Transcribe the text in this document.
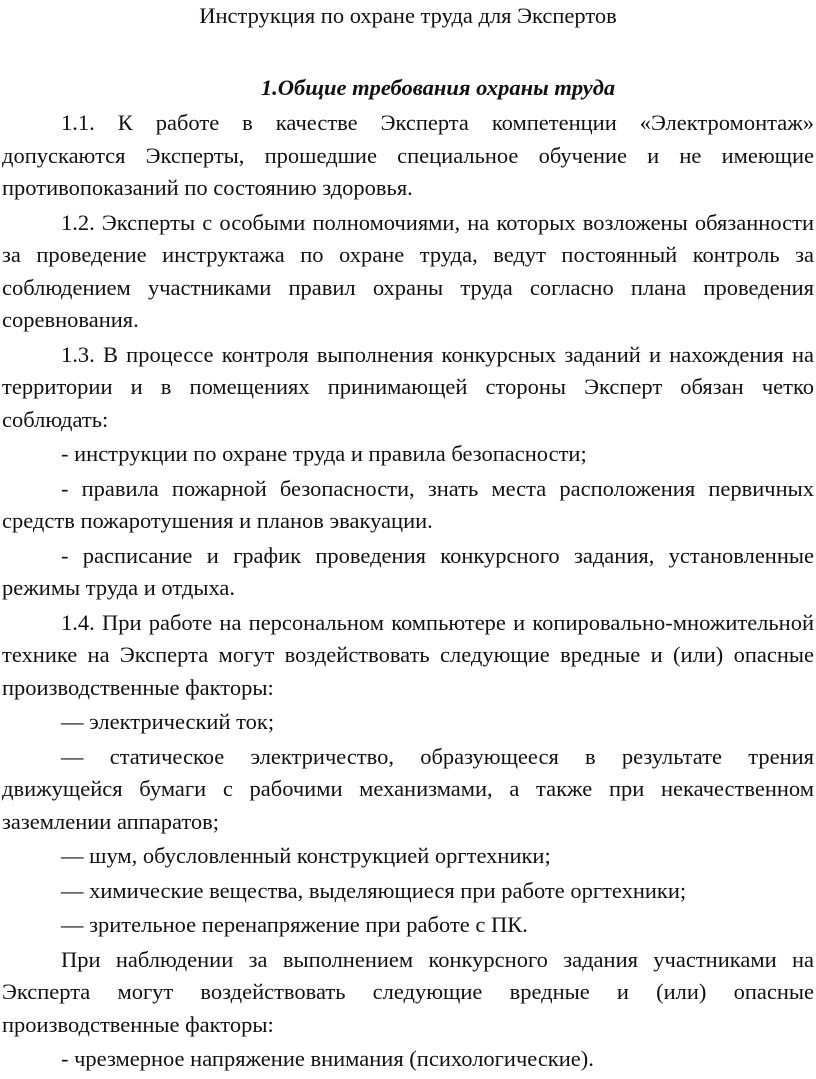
Инструкция по охране труда для Экспертов
1.Общие требования охраны труда

1.1. К работе в качестве Эксперта компетенции «Электромонтаж» допускаются Эксперты, прошедшие специальное обучение и не имеющие противопоказаний по состоянию здоровья.

1.2. Эксперты с особыми полномочиями, на которых возложены обязанности за проведение инструктажа по охране труда, ведут постоянный контроль за соблюдением участниками правил охраны труда согласно плана проведения соревнования.

1.3. В процессе контроля выполнения конкурсных заданий и нахождения на территории и в помещениях принимающей стороны Эксперт обязан четко соблюдать:

- инструкции по охране труда и правила безопасности;

- правила пожарной безопасности, знать места расположения первичных средств пожаротушения и планов эвакуации.

- расписание и график проведения конкурсного задания, установленные режимы труда и отдыха.

1.4. При работе на персональном компьютере и копировально-множительной технике на Эксперта могут воздействовать следующие вредные и (или) опасные производственные факторы:

— электрический ток;

— статическое электричество, образующееся в результате трения движущейся бумаги с рабочими механизмами, а также при некачественном заземлении аппаратов;

— шум, обусловленный конструкцией оргтехники;

— химические вещества, выделяющиеся при работе оргтехники;

— зрительное перенапряжение при работе с ПК.

При наблюдении за выполнением конкурсного задания участниками на Эксперта могут воздействовать следующие вредные и (или) опасные производственные факторы:

- чрезмерное напряжение внимания (психологические).
